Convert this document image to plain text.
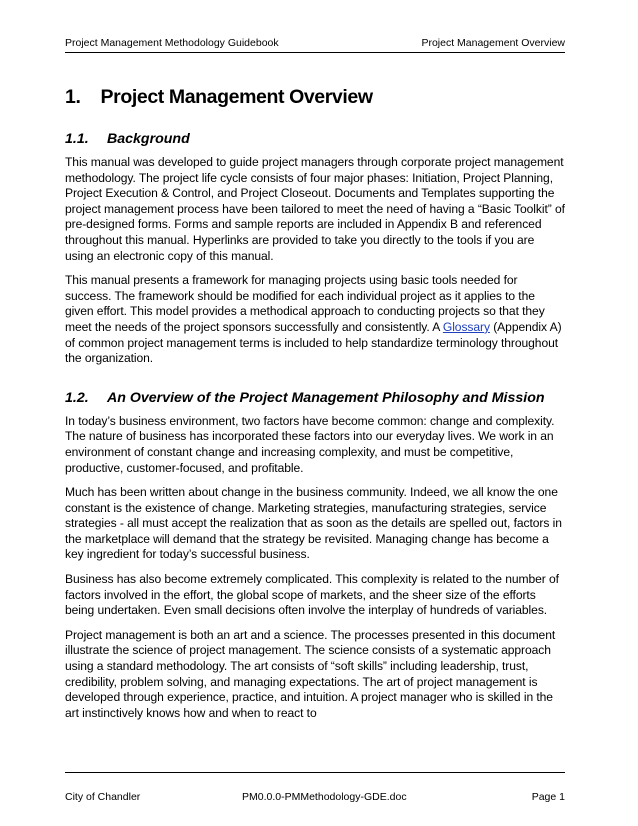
Project Management Methodology Guidebook	Project Management Overview
1. Project Management Overview
1.1. Background

This manual was developed to guide project managers through corporate project management methodology. The project life cycle consists of four major phases: Initiation, Project Planning, Project Execution & Control, and Project Closeout. Documents and Templates supporting the project management process have been tailored to meet the need of having a “Basic Toolkit” of pre-designed forms. Forms and sample reports are included in Appendix B and referenced throughout this manual. Hyperlinks are provided to take you directly to the tools if you are using an electronic copy of this manual.

This manual presents a framework for managing projects using basic tools needed for success. The framework should be modified for each individual project as it applies to the given effort. This model provides a methodical approach to conducting projects so that they meet the needs of the project sponsors successfully and consistently. A Glossary (Appendix A) of common project management terms is included to help standardize terminology throughout the organization.

1.2. An Overview of the Project Management Philosophy and Mission

In today’s business environment, two factors have become common: change and complexity. The nature of business has incorporated these factors into our everyday lives. We work in an environment of constant change and increasing complexity, and must be competitive, productive, customer-focused, and profitable.

Much has been written about change in the business community. Indeed, we all know the one constant is the existence of change. Marketing strategies, manufacturing strategies, service strategies - all must accept the realization that as soon as the details are spelled out, factors in the marketplace will demand that the strategy be revisited. Managing change has become a key ingredient for today’s successful business.

Business has also become extremely complicated. This complexity is related to the number of factors involved in the effort, the global scope of markets, and the sheer size of the efforts being undertaken. Even small decisions often involve the interplay of hundreds of variables.

Project management is both an art and a science. The processes presented in this document illustrate the science of project management. The science consists of a systematic approach using a standard methodology. The art consists of “soft skills” including leadership, trust, credibility, problem solving, and managing expectations. The art of project management is developed through experience, practice, and intuition. A project manager who is skilled in the art instinctively knows how and when to react to

City of Chandler	PM0.0.0-PMMethodology-GDE.doc	Page 1
